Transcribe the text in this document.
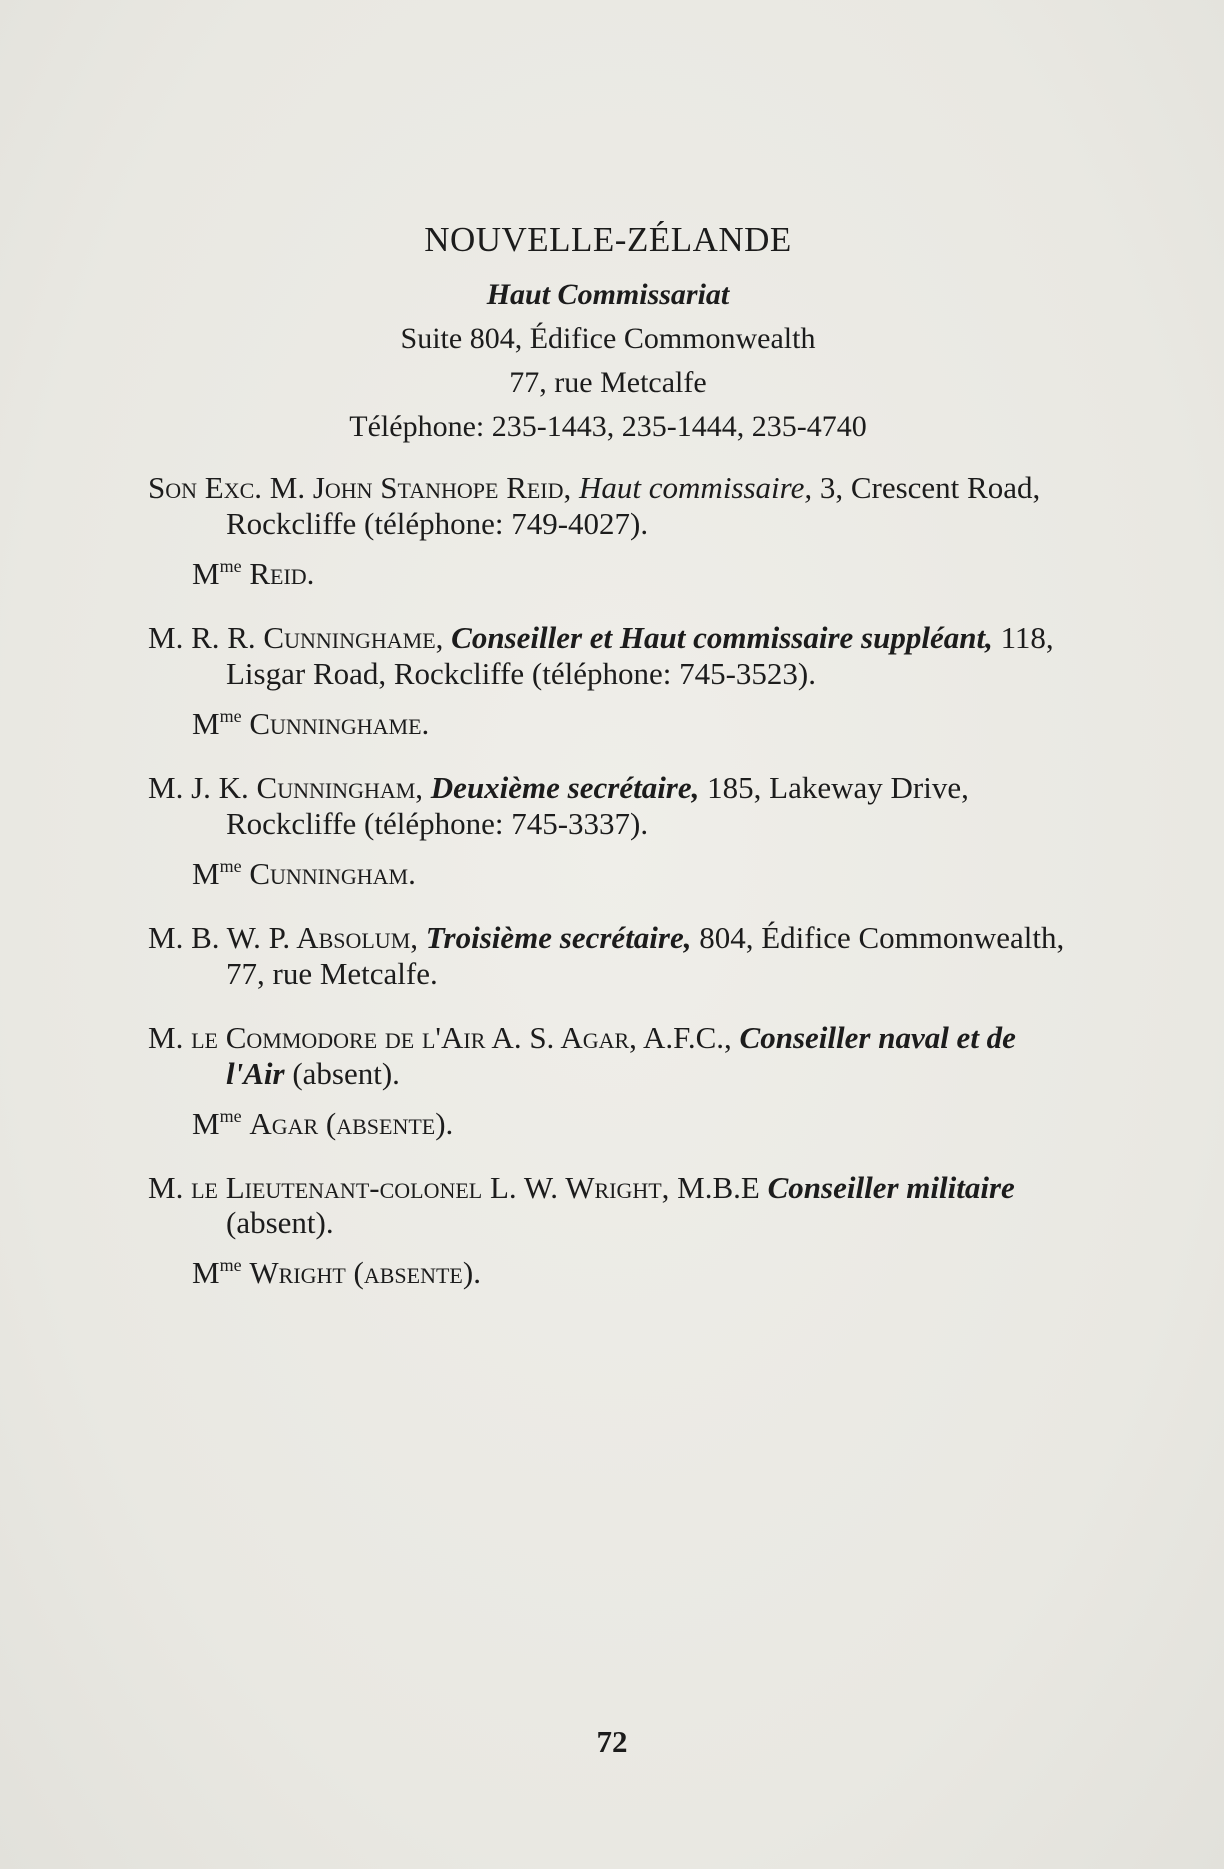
NOUVELLE-ZÉLANDE
Haut Commissariat
Suite 804, Édifice Commonwealth
77, rue Metcalfe
Téléphone: 235-1443, 235-1444, 235-4740
Son Exc. M. John Stanhope Reid, Haut commissaire, 3, Crescent Road, Rockcliffe (téléphone: 749-4027).
$M^{me}$ Reid.
M. R. R. Cunninghame, Conseiller et Haut commissaire suppléant, 118, Lisgar Road, Rockcliffe (téléphone: 745-3523).
$M^{me}$ Cunninghame.
M. J. K. Cunningham, Deuxième secrétaire, 185, Lakeway Drive, Rockcliffe (téléphone: 745-3337).
$M^{me}$ Cunningham.
M. B. W. P. Absolum, Troisième secrétaire, 804, Édifice Commonwealth, 77, rue Metcalfe.
M. le Commodore de l'Air A. S. Agar, A.F.C., Conseiller naval et de l'Air (absent).
$M^{me}$ Agar (absente).
M. le Lieutenant-colonel L. W. Wright, M.B.E Conseiller militaire (absent).
$M^{me}$ Wright (absente).
72
